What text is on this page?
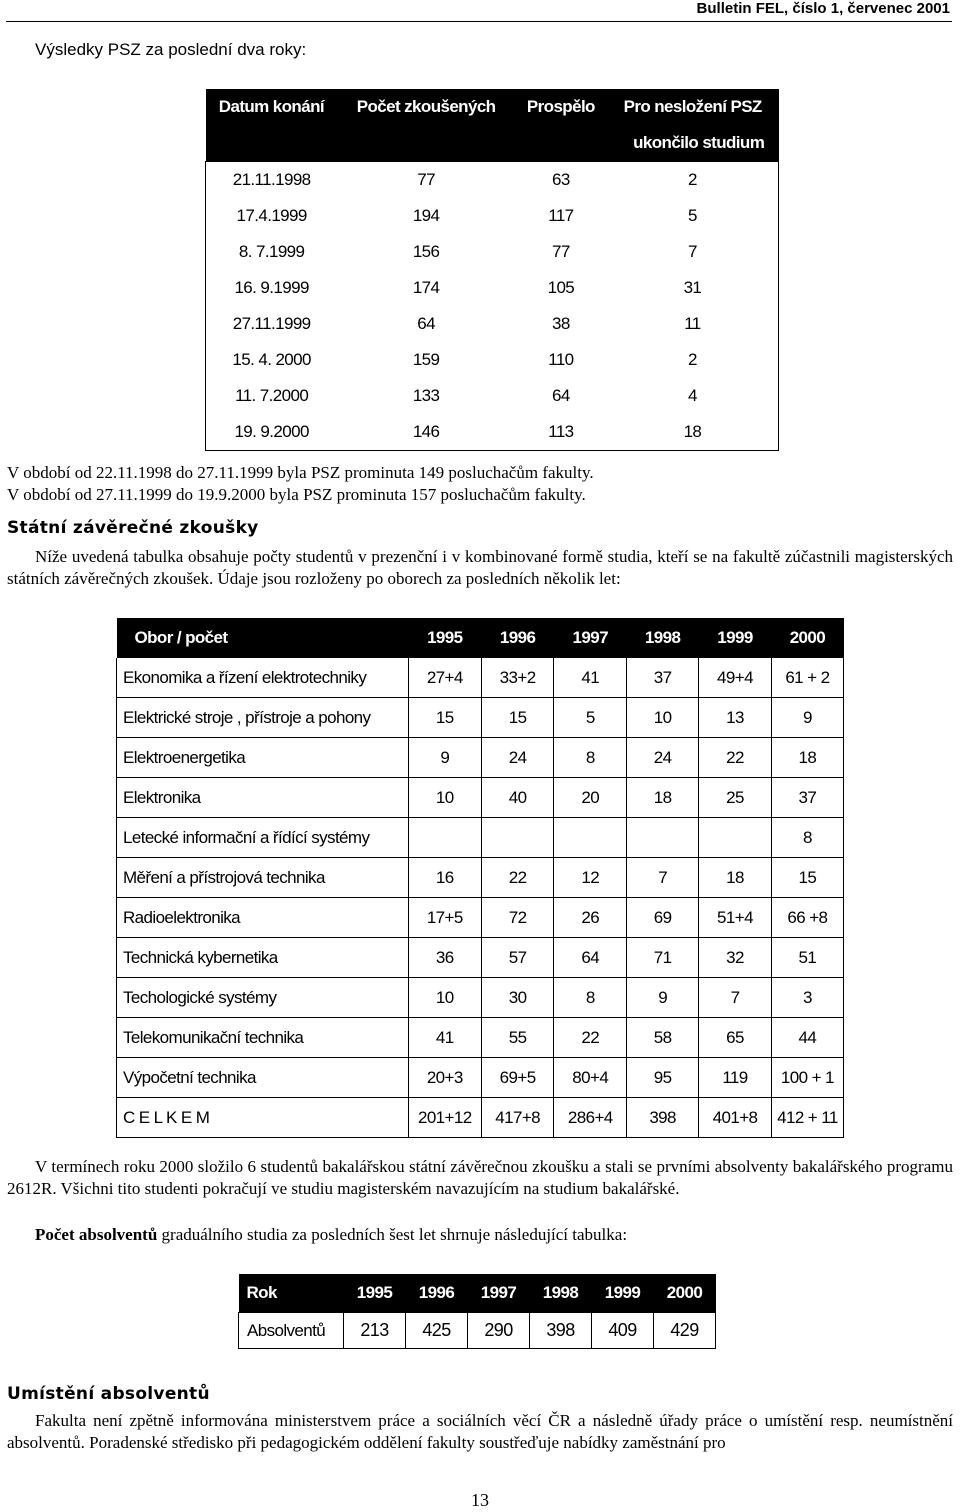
Bulletin FEL, číslo 1, červenec 2001
Výsledky PSZ za poslední dva roky:
Datum konání	Počet zkoušených	Prospělo	Pro nesložení PSZ
			ukončilo studium
21.11.1998	77	63	2
17.4.1999	194	117	5
8. 7.1999	156	77	7
16. 9.1999	174	105	31
27.11.1999	64	38	11
15. 4. 2000	159	110	2
11. 7.2000	133	64	4
19. 9.2000	146	113	18
V období od 22.11.1998 do 27.11.1999 byla PSZ prominuta 149 posluchačům fakulty.
V období od 27.11.1999 do 19.9.2000 byla PSZ prominuta 157 posluchačům fakulty.
Státní závěrečné zkoušky
Níže uvedená tabulka obsahuje počty studentů v prezenční i v kombinované formě studia, kteří se na fakultě zúčastnili magisterských státních závěrečných zkoušek. Údaje jsou rozloženy po oborech za posledních několik let:
Obor / počet	1995	1996	1997	1998	1999	2000
Ekonomika a řízení elektrotechniky	27+4	33+2	41	37	49+4	61 + 2
Elektrické stroje , přístroje a pohony	15	15	5	10	13	9
Elektroenergetika	9	24	8	24	22	18
Elektronika	10	40	20	18	25	37
Letecké informační a řídící systémy						8
Měření a přístrojová technika	16	22	12	7	18	15
Radioelektronika	17+5	72	26	69	51+4	66 +8
Technická kybernetika	36	57	64	71	32	51
Techologické systémy	10	30	8	9	7	3
Telekomunikační technika	41	55	22	58	65	44
Výpočetní technika	20+3	69+5	80+4	95	119	100 + 1
C E L K E M	201+12	417+8	286+4	398	401+8	412 + 11
V termínech roku 2000 složilo 6 studentů bakalářskou státní závěrečnou zkoušku a stali se prvními absolventy bakalářského programu 2612R. Všichni tito studenti pokračují ve studiu magisterském navazujícím na studium bakalářské.
Počet absolventů graduálního studia za posledních šest let shrnuje následující tabulka:
Rok	1995	1996	1997	1998	1999	2000
Absolventů	213	425	290	398	409	429
Umístění absolventů
Fakulta není zpětně informována ministerstvem práce a sociálních věcí ČR a následně úřady práce o umístění resp. neumístnění absolventů. Poradenské středisko při pedagogickém oddělení fakulty soustřeďuje nabídky zaměstnání pro
13
